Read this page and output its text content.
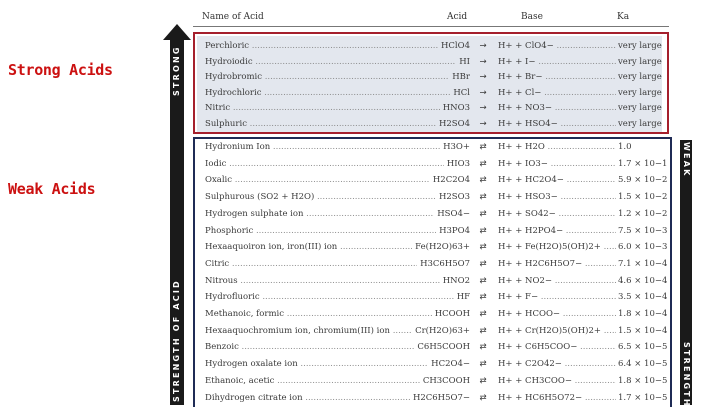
Strong Acids
Weak Acids
STRONG
STRENGTH OF ACID
WEAK
STRENGTH
Name of Acid	Acid	Base	Ka
Perchloric .....	HClO4	→	H+ + ClO4− .....	very large
Hydroiodic .....	HI	→	H+ + I− .....	very large
Hydrobromic .....	HBr	→	H+ + Br− .....	very large
Hydrochloric .....	HCl	→	H+ + Cl− .....	very large
Nitric .....	HNO3	→	H+ + NO3− .....	very large
Sulphuric .....	H2SO4	→	H+ + HSO4− .....	very large
Hydronium Ion .....	H3O+	⇄	H+ + H2O .....	1.0
Iodic .....	HIO3	⇄	H+ + IO3− .....	1.7 × 10−1
Oxalic .....	H2C2O4	⇄	H+ + HC2O4− .....	5.9 × 10−2
Sulphurous (SO2 + H2O) .....	H2SO3	⇄	H+ + HSO3− .....	1.5 × 10−2
Hydrogen sulphate ion .....	HSO4−	⇄	H+ + SO42− .....	1.2 × 10−2
Phosphoric .....	H3PO4	⇄	H+ + H2PO4− .....	7.5 × 10−3
Hexaaquoiron ion, iron(III) ion .....	Fe(H2O)63+	⇄	H+ + Fe(H2O)5(OH)2+ .....	6.0 × 10−3
Citric .....	H3C6H5O7	⇄	H+ + H2C6H5O7− .....	7.1 × 10−4
Nitrous .....	HNO2	⇄	H+ + NO2− .....	4.6 × 10−4
Hydrofluoric .....	HF	⇄	H+ + F− .....	3.5 × 10−4
Methanoic, formic .....	HCOOH	⇄	H+ + HCOO− .....	1.8 × 10−4
Hexaaquochromium ion, chromium(III) ion .....	Cr(H2O)63+	⇄	H+ + Cr(H2O)5(OH)2+ .....	1.5 × 10−4
Benzoic .....	C6H5COOH	⇄	H+ + C6H5COO− .....	6.5 × 10−5
Hydrogen oxalate ion .....	HC2O4−	⇄	H+ + C2O42− .....	6.4 × 10−5
Ethanoic, acetic .....	CH3COOH	⇄	H+ + CH3COO− .....	1.8 × 10−5
Dihydrogen citrate ion .....	H2C6H5O7−	⇄	H+ + HC6H5O72− .....	1.7 × 10−5
